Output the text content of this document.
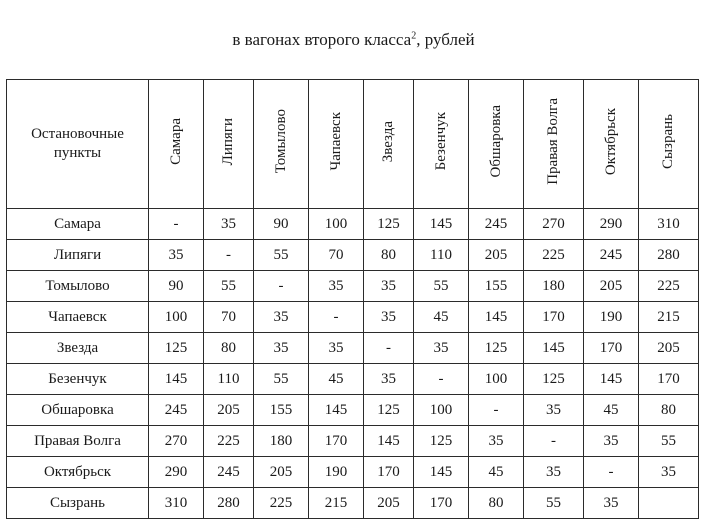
в вагонах второго класса$^2$, рублей
Остановочные пункты	Самара	Липяги	Томылово	Чапаевск	Звезда	Безенчук	Обшаровка	Правая Волга	Октябрьск	Сызрань
Самара	-	35	90	100	125	145	245	270	290	310
Липяги	35	-	55	70	80	110	205	225	245	280
Томылово	90	55	-	35	35	55	155	180	205	225
Чапаевск	100	70	35	-	35	45	145	170	190	215
Звезда	125	80	35	35	-	35	125	145	170	205
Безенчук	145	110	55	45	35	-	100	125	145	170
Обшаровка	245	205	155	145	125	100	-	35	45	80
Правая Волга	270	225	180	170	145	125	35	-	35	55
Октябрьск	290	245	205	190	170	145	45	35	-	35
Сызрань	310	280	225	215	205	170	80	55	35	
